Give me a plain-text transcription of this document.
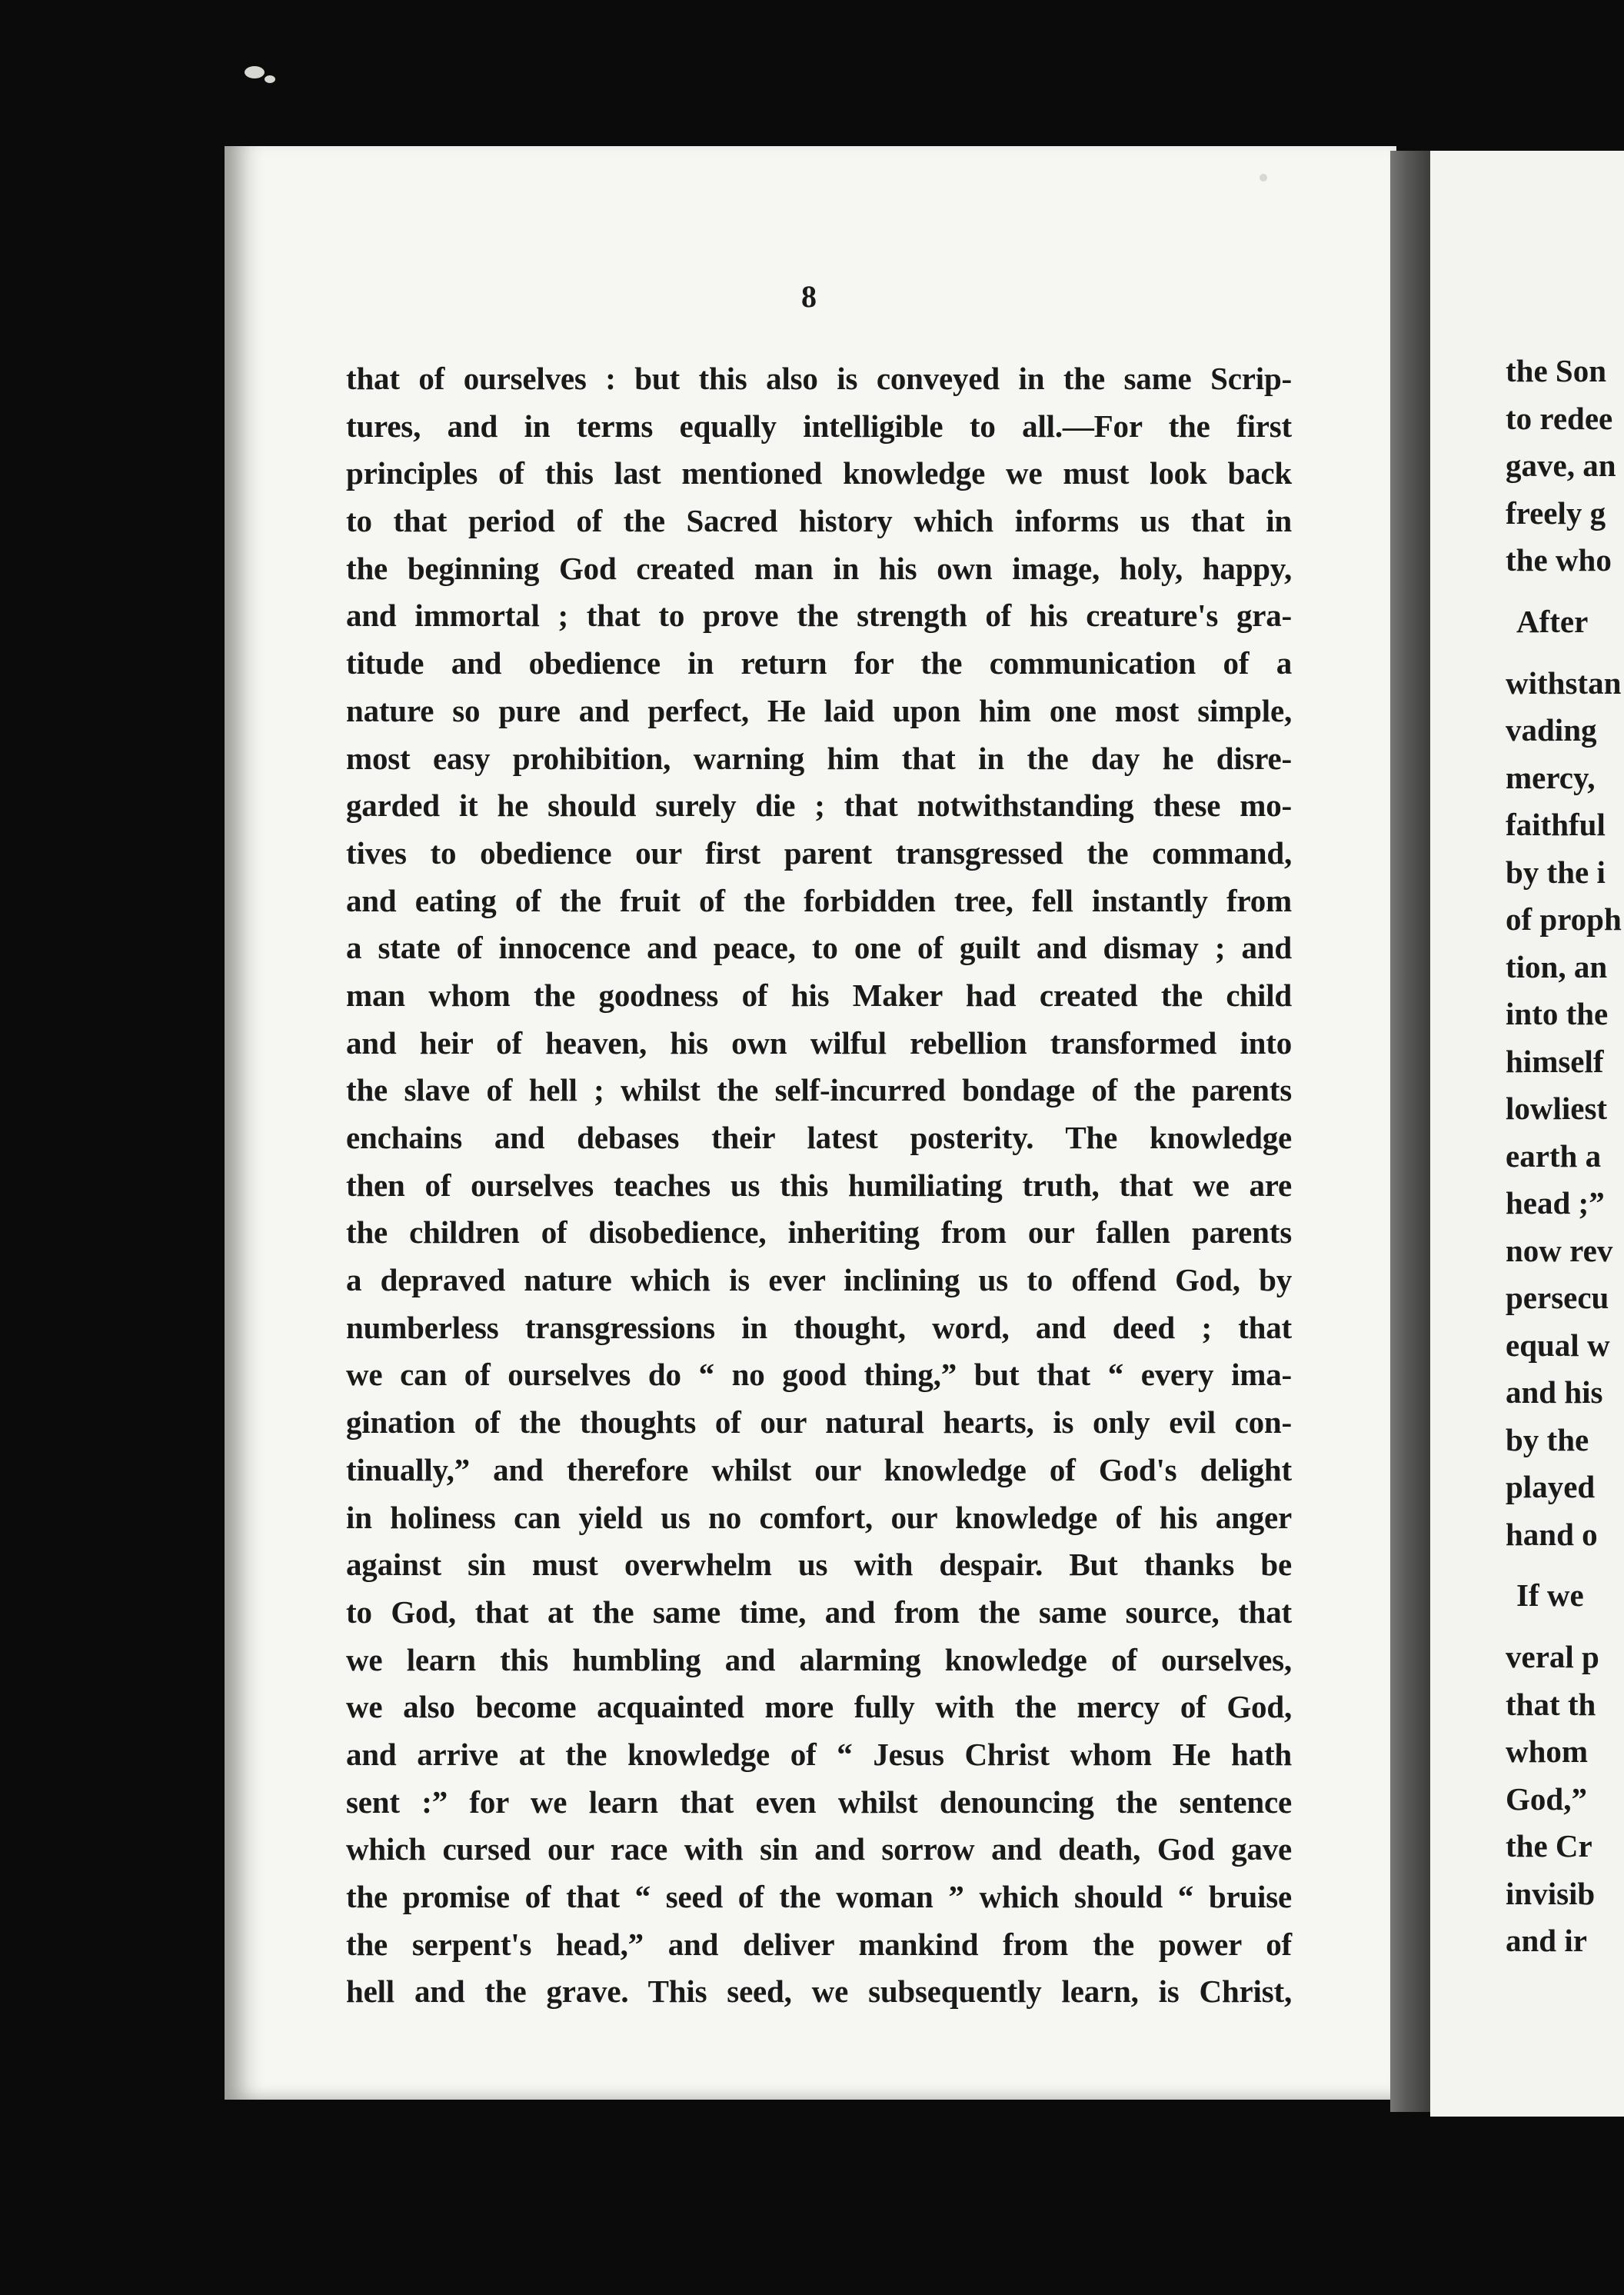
8
that of ourselves : but this also is conveyed in the same Scrip-
tures, and in terms equally intelligible to all.—For the first
principles of this last mentioned knowledge we must look back
to that period of the Sacred history which informs us that in
the beginning God created man in his own image, holy, happy,
and immortal ; that to prove the strength of his creature's gra-
titude and obedience in return for the communication of a
nature so pure and perfect, He laid upon him one most simple,
most easy prohibition, warning him that in the day he disre-
garded it he should surely die ; that notwithstanding these mo-
tives to obedience our first parent transgressed the command,
and eating of the fruit of the forbidden tree, fell instantly from
a state of innocence and peace, to one of guilt and dismay ; and
man whom the goodness of his Maker had created the child
and heir of heaven, his own wilful rebellion transformed into
the slave of hell ; whilst the self-incurred bondage of the parents
enchains and debases their latest posterity. The knowledge
then of ourselves teaches us this humiliating truth, that we are
the children of disobedience, inheriting from our fallen parents
a depraved nature which is ever inclining us to offend God, by
numberless transgressions in thought, word, and deed ; that
we can of ourselves do “ no good thing,” but that “ every ima-
gination of the thoughts of our natural hearts, is only evil con-
tinually,” and therefore whilst our knowledge of God's delight
in holiness can yield us no comfort, our knowledge of his anger
against sin must overwhelm us with despair. But thanks be
to God, that at the same time, and from the same source, that
we learn this humbling and alarming knowledge of ourselves,
we also become acquainted more fully with the mercy of God,
and arrive at the knowledge of “ Jesus Christ whom He hath
sent :” for we learn that even whilst denouncing the sentence
which cursed our race with sin and sorrow and death, God gave
the promise of that “ seed of the woman ” which should “ bruise
the serpent's head,” and deliver mankind from the power of
hell and the grave. This seed, we subsequently learn, is Christ,
the Son
to redee
gave, an
freely g
the who
After
withstan
vading
mercy,
faithful
by the i
of proph
tion, an
into the
himself
lowliest
earth a
head ;”
now rev
persecu
equal w
and his
by the
played
hand o
If we
veral p
that th
whom
God,”
the Cr
invisib
and ir
